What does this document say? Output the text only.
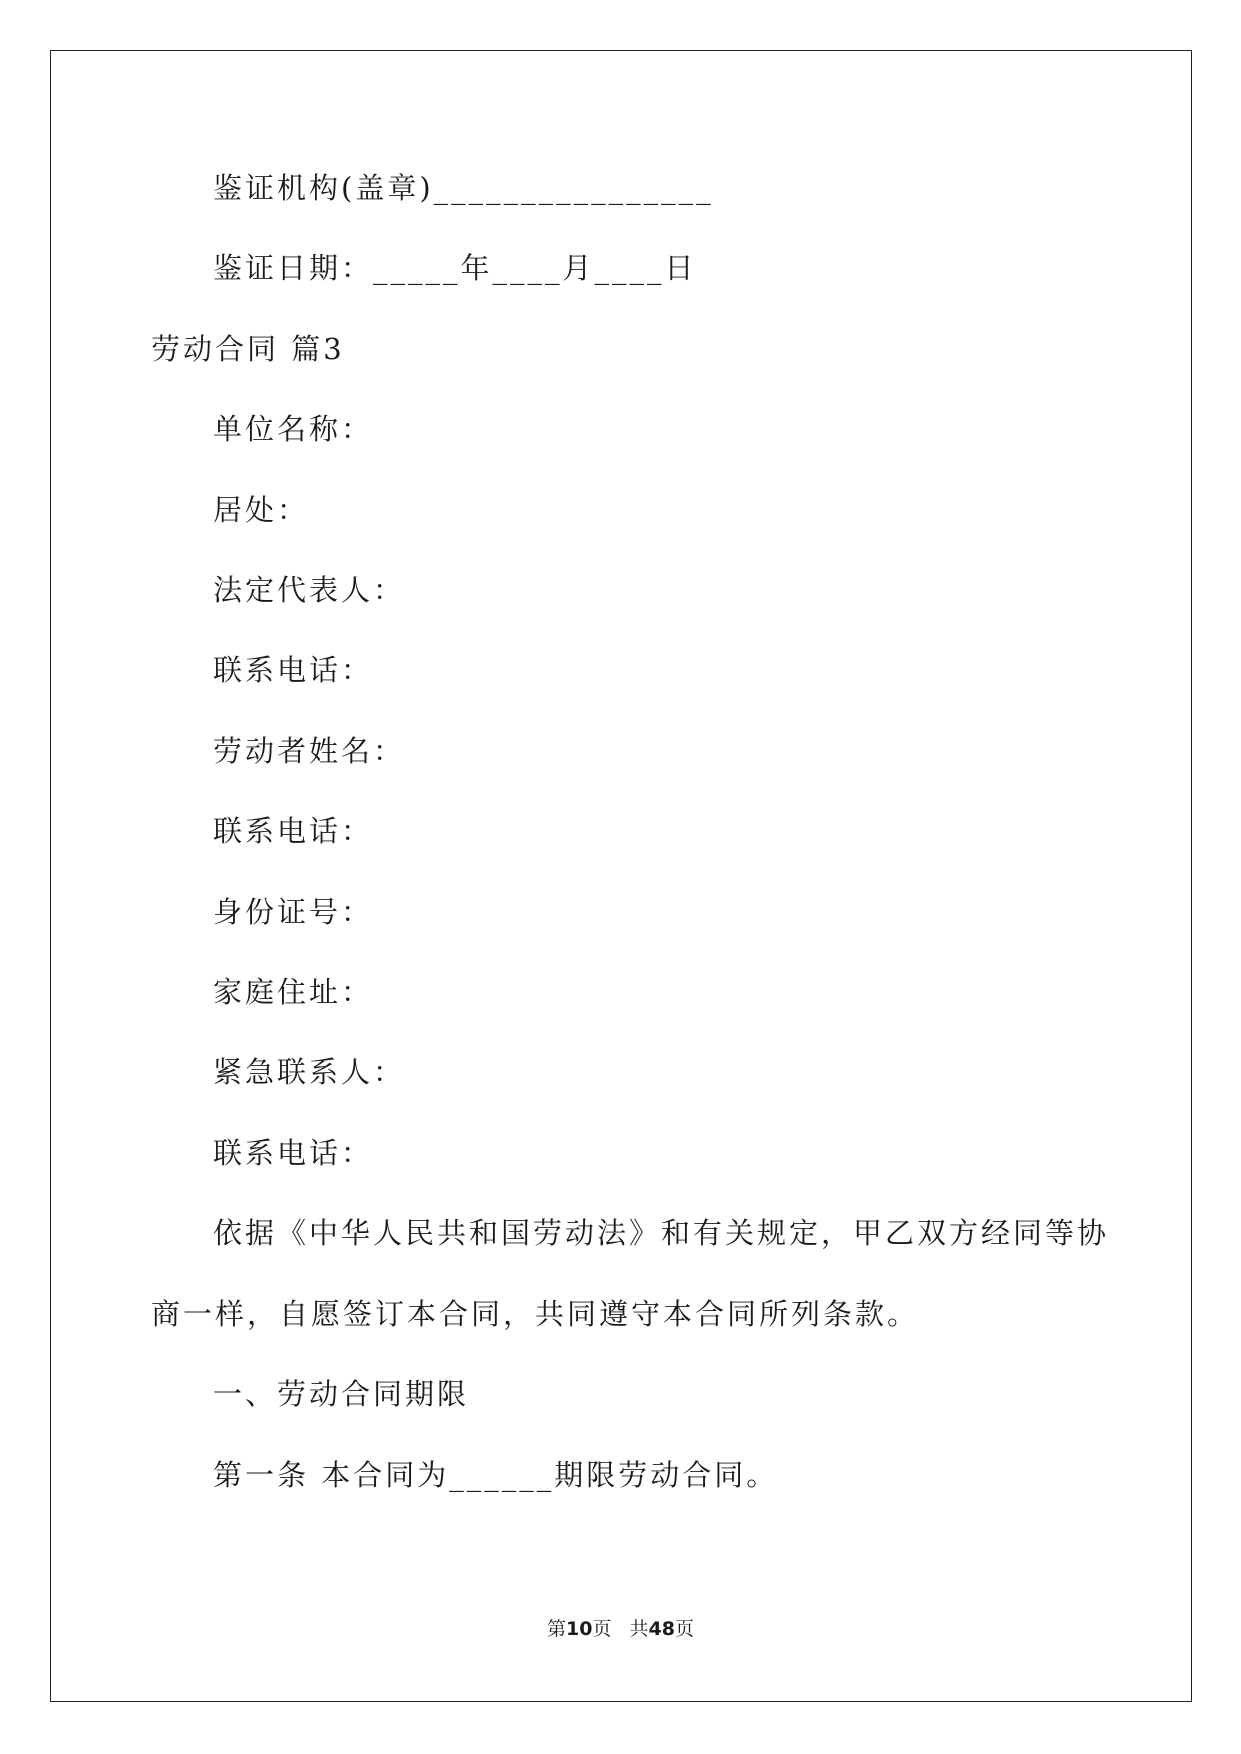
鉴证机构(盖章)________________
鉴证日期：_____年____月____日
劳动合同 篇3
单位名称：
居处：
法定代表人：
联系电话：
劳动者姓名：
联系电话：
身份证号：
家庭住址：
紧急联系人：
联系电话：
依据《中华人民共和国劳动法》和有关规定，甲乙双方经同等协
商一样，自愿签订本合同，共同遵守本合同所列条款。
一、劳动合同期限
第一条 本合同为______期限劳动合同。
第10页 共48页
